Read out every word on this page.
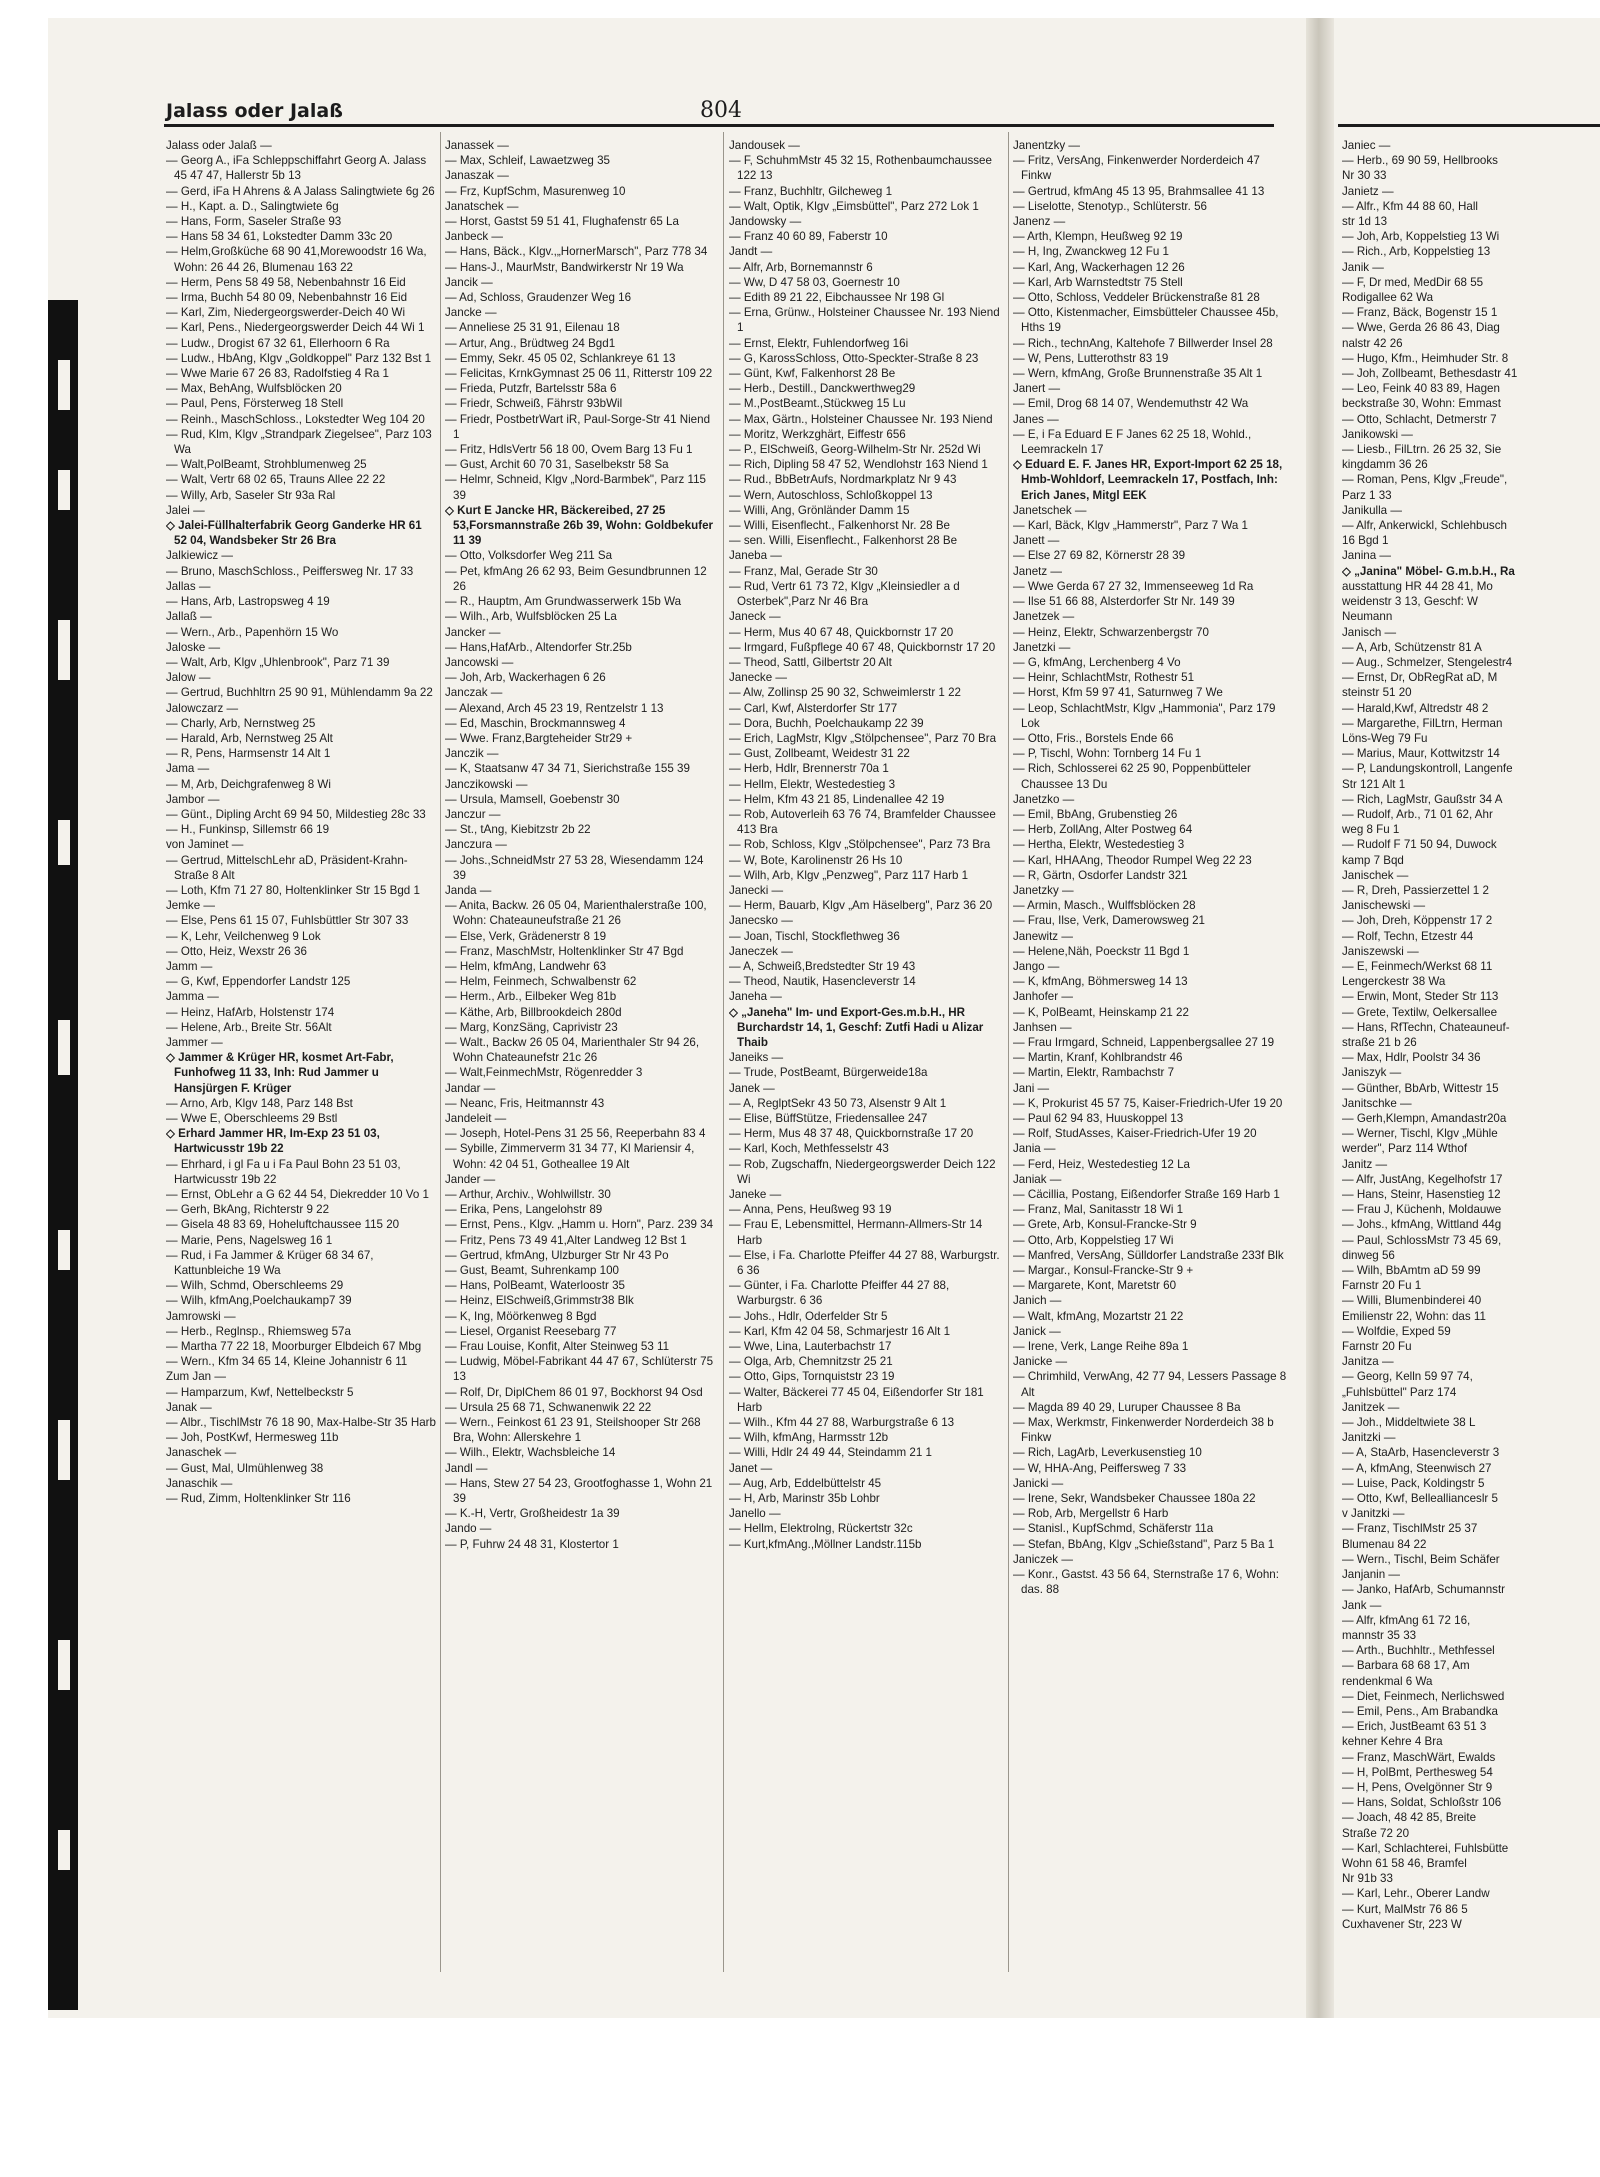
Jalass oder Jalaß	804

Jalass oder Jalaß —

— Georg A., iFa Schleppschiffahrt Georg A. Jalass 45 47 47, Hallerstr 5b 13

— Gerd, iFa H Ahrens & A Jalass Salingtwiete 6g 26

— H., Kapt. a. D., Salingtwiete 6g

— Hans, Form, Saseler Straße 93

— Hans 58 34 61, Lokstedter Damm 33c 20

— Helm,Großküche 68 90 41,Morewoodstr 16 Wa, Wohn: 26 44 26, Blumenau 163 22

— Herm, Pens 58 49 58, Nebenbahnstr 16 Eid

— Irma, Buchh 54 80 09, Nebenbahnstr 16 Eid

— Karl, Zim, Niedergeorgswerder-Deich 40 Wi

— Karl, Pens., Niedergeorgswerder Deich 44 Wi 1

— Ludw., Drogist 67 32 61, Ellerhoorn 6 Ra

— Ludw., HbAng, Klgv „Goldkoppel" Parz 132 Bst 1

— Wwe Marie 67 26 83, Radolfstieg 4 Ra 1

— Max, BehAng, Wulfsblöcken 20

— Paul, Pens, Försterweg 18 Stell

— Reinh., MaschSchloss., Lokstedter Weg 104 20

— Rud, Klm, Klgv „Strandpark Ziegelsee", Parz 103 Wa

— Walt,PolBeamt, Strohblumenweg 25

— Walt, Vertr 68 02 65, Trauns Allee 22 22

— Willy, Arb, Saseler Str 93a Ral

Jalei —

◇ Jalei-Füllhalterfabrik Georg Ganderke HR 61 52 04, Wandsbeker Str 26 Bra

Jalkiewicz —

— Bruno, MaschSchloss., Peiffersweg Nr. 17 33

Jallas —

— Hans, Arb, Lastropsweg 4 19

Jallaß —

— Wern., Arb., Papenhörn 15 Wo

Jaloske —

— Walt, Arb, Klgv „Uhlenbrook", Parz 71 39

Jalow —

— Gertrud, Buchhltrn 25 90 91, Mühlendamm 9a 22

Jalowczarz —

— Charly, Arb, Nernstweg 25

— Harald, Arb, Nernstweg 25 Alt

— R, Pens, Harmsenstr 14 Alt 1

Jama —

— M, Arb, Deichgrafenweg 8 Wi

Jambor —

— Günt., Dipling Archt 69 94 50, Mildestieg 28c 33

— H., Funkinsp, Sillemstr 66 19

von Jaminet —

— Gertrud, MittelschLehr aD, Präsident-Krahn-Straße 8 Alt

— Loth, Kfm 71 27 80, Holtenklinker Str 15 Bgd 1

Jemke —

— Else, Pens 61 15 07, Fuhlsbüttler Str 307 33

— K, Lehr, Veilchenweg 9 Lok

— Otto, Heiz, Wexstr 26 36

Jamm —

— G, Kwf, Eppendorfer Landstr 125

Jamma —

— Heinz, HafArb, Holstenstr 174

— Helene, Arb., Breite Str. 56Alt

Jammer —

◇ Jammer & Krüger HR, kosmet Art-Fabr, Funhofweg 11 33, Inh: Rud Jammer u Hansjürgen F. Krüger

— Arno, Arb, Klgv 148, Parz 148 Bst

— Wwe E, Oberschleems 29 Bstl

◇ Erhard Jammer HR, Im-Exp 23 51 03, Hartwicusstr 19b 22

— Ehrhard, i gl Fa u i Fa Paul Bohn 23 51 03, Hartwicusstr 19b 22

— Ernst, ObLehr a G 62 44 54, Diekredder 10 Vo 1

— Gerh, BkAng, Richterstr 9 22

— Gisela 48 83 69, Hoheluftchaussee 115 20

— Marie, Pens, Nagelsweg 16 1

— Rud, i Fa Jammer & Krüger 68 34 67, Kattunbleiche 19 Wa

— Wilh, Schmd, Oberschleems 29

— Wilh, kfmAng,Poelchaukamp7 39

Jamrowski —

— Herb., Reglnsp., Rhiemsweg 57a

— Martha 77 22 18, Moorburger Elbdeich 67 Mbg

— Wern., Kfm 34 65 14, Kleine Johannistr 6 11

Zum Jan —

— Hamparzum, Kwf, Nettelbeckstr 5

Janak —

— Albr., TischlMstr 76 18 90, Max-Halbe-Str 35 Harb

— Joh, PostKwf, Hermesweg 11b

Janaschek —

— Gust, Mal, Ulmühlenweg 38

Janaschik —

— Rud, Zimm, Holtenklinker Str 116

Janassek —

— Max, Schleif, Lawaetzweg 35

Janaszak —

— Frz, KupfSchm, Masurenweg 10

Janatschek —

— Horst, Gastst 59 51 41, Flughafenstr 65 La

Janbeck —

— Hans, Bäck., Klgv.,„HornerMarsch", Parz 778 34

— Hans-J., MaurMstr, Bandwirkerstr Nr 19 Wa

Jancik —

— Ad, Schloss, Graudenzer Weg 16

Jancke —

— Anneliese 25 31 91, Eilenau 18

— Artur, Ang., Brüdtweg 24 Bgd1

— Emmy, Sekr. 45 05 02, Schlankreye 61 13

— Felicitas, KrnkGymnast 25 06 11, Ritterstr 109 22

— Frieda, Putzfr, Bartelsstr 58a 6

— Friedr, Schweiß, Fährstr 93bWil

— Friedr, PostbetrWart iR, Paul-Sorge-Str 41 Niend 1

— Fritz, HdlsVertr 56 18 00, Ovem Barg 13 Fu 1

— Gust, Archit 60 70 31, Saselbekstr 58 Sa

— Helmr, Schneid, Klgv „Nord-Barmbek", Parz 115 39

◇ Kurt E Jancke HR, Bäckereibed, 27 25 53,Forsmannstraße 26b 39, Wohn: Goldbekufer 11 39

— Otto, Volksdorfer Weg 211 Sa

— Pet, kfmAng 26 62 93, Beim Gesundbrunnen 12 26

— R., Hauptm, Am Grundwasserwerk 15b Wa

— Wilh., Arb, Wulfsblöcken 25 La

Jancker —

— Hans,HafArb., Altendorfer Str.25b

Jancowski —

— Joh, Arb, Wackerhagen 6 26

Janczak —

— Alexand, Arch 45 23 19, Rentzelstr 1 13

— Ed, Maschin, Brockmannsweg 4

— Wwe. Franz,Bargteheider Str29 +

Janczik —

— K, Staatsanw 47 34 71, Sierichstraße 155 39

Janczikowski —

— Ursula, Mamsell, Goebenstr 30

Janczur —

— St., tAng, Kiebitzstr 2b 22

Janczura —

— Johs.,SchneidMstr 27 53 28, Wiesendamm 124 39

Janda —

— Anita, Backw. 26 05 04, Marienthalerstraße 100, Wohn: Chateauneufstraße 21 26

— Else, Verk, Grädenerstr 8 19

— Franz, MaschMstr, Holtenklinker Str 47 Bgd

— Helm, kfmAng, Landwehr 63

— Helm, Feinmech, Schwalbenstr 62

— Herm., Arb., Eilbeker Weg 81b

— Käthe, Arb, Billbrookdeich 280d

— Marg, KonzSäng, Caprivistr 23

— Walt., Backw 26 05 04, Marienthaler Str 94 26, Wohn Chateaunefstr 21c 26

— Walt,FeinmechMstr, Rögenredder 3

Jandar —

— Neanc, Fris, Heitmannstr 43

Jandeleit —

— Joseph, Hotel-Pens 31 25 56, Reeperbahn 83 4

— Sybille, Zimmerverm 31 34 77, Kl Mariensir 4, Wohn: 42 04 51, Gotheallee 19 Alt

Jander —

— Arthur, Archiv., Wohlwillstr. 30

— Erika, Pens, Langelohstr 89

— Ernst, Pens., Klgv. „Hamm u. Horn", Parz. 239 34

— Fritz, Pens 73 49 41,Alter Landweg 12 Bst 1

— Gertrud, kfmAng, Ulzburger Str Nr 43 Po

— Gust, Beamt, Suhrenkamp 100

— Hans, PolBeamt, Waterloostr 35

— Heinz, ElSchweiß,Grimmstr38 Blk

— K, Ing, Möörkenweg 8 Bgd

— Liesel, Organist Reesebarg 77

— Frau Louise, Konfit, Alter Steinweg 53 11

— Ludwig, Möbel-Fabrikant 44 47 67, Schlüterstr 75 13

— Rolf, Dr, DiplChem 86 01 97, Bockhorst 94 Osd

— Ursula 25 68 71, Schwanenwik 22 22

— Wern., Feinkost 61 23 91, Steilshooper Str 268 Bra, Wohn: Allerskehre 1

— Wilh., Elektr, Wachsbleiche 14

Jandl —

— Hans, Stew 27 54 23, Grootfoghasse 1, Wohn 21 39

— K.-H, Vertr, Großheidestr 1a 39

Jando —

— P, Fuhrw 24 48 31, Klostertor 1

Jandousek —

— F, SchuhmMstr 45 32 15, Rothenbaumchaussee 122 13

— Franz, Buchhltr, Gilcheweg 1

— Walt, Optik, Klgv „Eimsbüttel", Parz 272 Lok 1

Jandowsky —

— Franz 40 60 89, Faberstr 10

Jandt —

— Alfr, Arb, Bornemannstr 6

— Ww, D 47 58 03, Goernestr 10

— Edith 89 21 22, Eibchaussee Nr 198 Gl

— Erna, Grünw., Holsteiner Chaussee Nr. 193 Niend 1

— Ernst, Elektr, Fuhlendorfweg 16i

— G, KarossSchloss, Otto-Speckter-Straße 8 23

— Günt, Kwf, Falkenhorst 28 Be

— Herb., Destill., Danckwerthweg29

— M.,PostBeamt.,Stückweg 15 Lu

— Max, Gärtn., Holsteiner Chaussee Nr. 193 Niend

— Moritz, Werkzghärt, Eiffestr 656

— P., ElSchweiß, Georg-Wilhelm-Str Nr. 252d Wi

— Rich, Dipling 58 47 52, Wendlohstr 163 Niend 1

— Rud., BbBetrAufs, Nordmarkplatz Nr 9 43

— Wern, Autoschloss, Schloßkoppel 13

— Willi, Ang, Grönländer Damm 15

— Willi, Eisenflecht., Falkenhorst Nr. 28 Be

— sen. Willi, Eisenflecht., Falkenhorst 28 Be

Janeba —

— Franz, Mal, Gerade Str 30

— Rud, Vertr 61 73 72, Klgv „Kleinsiedler a d Osterbek",Parz Nr 46 Bra

Janeck —

— Herm, Mus 40 67 48, Quickbornstr 17 20

— Irmgard, Fußpflege 40 67 48, Quickbornstr 17 20

— Theod, Sattl, Gilbertstr 20 Alt

Janecke —

— Alw, Zollinsp 25 90 32, Schweimlerstr 1 22

— Carl, Kwf, Alsterdorfer Str 177

— Dora, Buchh, Poelchaukamp 22 39

— Erich, LagMstr, Klgv „Stölpchensee", Parz 70 Bra

— Gust, Zollbeamt, Weidestr 31 22

— Herb, Hdlr, Brennerstr 70a 1

— Hellm, Elektr, Westedestieg 3

— Helm, Kfm 43 21 85, Lindenallee 42 19

— Rob, Autoverleih 63 76 74, Bramfelder Chaussee 413 Bra

— Rob, Schloss, Klgv „Stölpchensee", Parz 73 Bra

— W, Bote, Karolinenstr 26 Hs 10

— Wilh, Arb, Klgv „Penzweg", Parz 117 Harb 1

Janecki —

— Herm, Bauarb, Klgv „Am Häselberg", Parz 36 20

Janecsko —

— Joan, Tischl, Stockflethweg 36

Janeczek —

— A, Schweiß,Bredstedter Str 19 43

— Theod, Nautik, Hasencleverstr 14

Janeha —

◇ „Janeha" Im- und Export-Ges.m.b.H., HR Burchardstr 14, 1, Geschf: Zutfi Hadi u Alizar Thaib

Janeiks —

— Trude, PostBeamt, Bürgerweide18a

Janek —

— A, ReglptSekr 43 50 73, Alsenstr 9 Alt 1

— Elise, BüffStütze, Friedensallee 247

— Herm, Mus 48 37 48, Quickbornstraße 17 20

— Karl, Koch, Methfesselstr 43

— Rob, Zugschaffn, Niedergeorgswerder Deich 122 Wi

Janeke —

— Anna, Pens, Heußweg 93 19

— Frau E, Lebensmittel, Hermann-Allmers-Str 14 Harb

— Else, i Fa. Charlotte Pfeiffer 44 27 88, Warburgstr. 6 36

— Günter, i Fa. Charlotte Pfeiffer 44 27 88, Warburgstr. 6 36

— Johs., Hdlr, Oderfelder Str 5

— Karl, Kfm 42 04 58, Schmarjestr 16 Alt 1

— Wwe, Lina, Lauterbachstr 17

— Olga, Arb, Chemnitzstr 25 21

— Otto, Gips, Tornquiststr 23 19

— Walter, Bäckerei 77 45 04, Eißendorfer Str 181 Harb

— Wilh., Kfm 44 27 88, Warburgstraße 6 13

— Wilh, kfmAng, Harmsstr 12b

— Willi, Hdlr 24 49 44, Steindamm 21 1

Janet —

— Aug, Arb, Eddelbüttelstr 45

— H, Arb, Marinstr 35b Lohbr

Janello —

— Hellm, Elektrolng, Rückertstr 32c

— Kurt,kfmAng.,Möllner Landstr.115b

Janentzky —

— Fritz, VersAng, Finkenwerder Norderdeich 47 Finkw

— Gertrud, kfmAng 45 13 95, Brahmsallee 41 13

— Liselotte, Stenotyp., Schlüterstr. 56

Janenz —

— Arth, Klempn, Heußweg 92 19

— H, Ing, Zwanckweg 12 Fu 1

— Karl, Ang, Wackerhagen 12 26

— Karl, Arb Warnstedtstr 75 Stell

— Otto, Schloss, Veddeler Brückenstraße 81 28

— Otto, Kistenmacher, Eimsbütteler Chaussee 45b, Hths 19

— Rich., technAng, Kaltehofe 7 Billwerder Insel 28

— W, Pens, Lutterothstr 83 19

— Wern, kfmAng, Große Brunnenstraße 35 Alt 1

Janert —

— Emil, Drog 68 14 07, Wendemuthstr 42 Wa

Janes —

— E, i Fa Eduard E F Janes 62 25 18, Wohld., Leemrackeln 17

◇ Eduard E. F. Janes HR, Export-Import 62 25 18, Hmb-Wohldorf, Leemrackeln 17, Postfach, Inh: Erich Janes, Mitgl EEK

Janetschek —

— Karl, Bäck, Klgv „Hammerstr", Parz 7 Wa 1

Janett —

— Else 27 69 82, Körnerstr 28 39

Janetz —

— Wwe Gerda 67 27 32, Immenseeweg 1d Ra

— Ilse 51 66 88, Alsterdorfer Str Nr. 149 39

Janetzek —

— Heinz, Elektr, Schwarzenbergstr 70

Janetzki —

— G, kfmAng, Lerchenberg 4 Vo

— Heinr, SchlachtMstr, Rothestr 51

— Horst, Kfm 59 97 41, Saturnweg 7 We

— Leop, SchlachtMstr, Klgv „Hammonia", Parz 179 Lok

— Otto, Fris., Borstels Ende 66

— P, Tischl, Wohn: Tornberg 14 Fu 1

— Rich, Schlosserei 62 25 90, Poppenbütteler Chaussee 13 Du

Janetzko —

— Emil, BbAng, Grubenstieg 26

— Herb, ZollAng, Alter Postweg 64

— Hertha, Elektr, Westedestieg 3

— Karl, HHAAng, Theodor Rumpel Weg 22 23

— R, Gärtn, Osdorfer Landstr 321

Janetzky —

— Armin, Masch., Wulffsblöcken 28

— Frau, Ilse, Verk, Damerowsweg 21

Janewitz —

— Helene,Näh, Poeckstr 11 Bgd 1

Jango —

— K, kfmAng, Böhmersweg 14 13

Janhofer —

— K, PolBeamt, Heinskamp 21 22

Janhsen —

— Frau Irmgard, Schneid, Lappenbergsallee 27 19

— Martin, Kranf, Kohlbrandstr 46

— Martin, Elektr, Rambachstr 7

Jani —

— K, Prokurist 45 57 75, Kaiser-Friedrich-Ufer 19 20

— Paul 62 94 83, Huuskoppel 13

— Rolf, StudAsses, Kaiser-Friedrich-Ufer 19 20

Jania —

— Ferd, Heiz, Westedestieg 12 La

Janiak —

— Cäcillia, Postang, Eißendorfer Straße 169 Harb 1

— Franz, Mal, Sanitasstr 18 Wi 1

— Grete, Arb, Konsul-Francke-Str 9

— Otto, Arb, Koppelstieg 17 Wi

— Manfred, VersAng, Sülldorfer Landstraße 233f Blk

— Margar., Konsul-Francke-Str 9 +

— Margarete, Kont, Maretstr 60

Janich —

— Walt, kfmAng, Mozartstr 21 22

Janick —

— Irene, Verk, Lange Reihe 89a 1

Janicke —

— Chrimhild, VerwAng, 42 77 94, Lessers Passage 8 Alt

— Magda 89 40 29, Luruper Chaussee 8 Ba

— Max, Werkmstr, Finkenwerder Norderdeich 38 b Finkw

— Rich, LagArb, Leverkusenstieg 10

— W, HHA-Ang, Peiffersweg 7 33

Janicki —

— Irene, Sekr, Wandsbeker Chaussee 180a 22

— Rob, Arb, Mergellstr 6 Harb

— Stanisl., KupfSchmd, Schäferstr 11a

— Stefan, BbAng, Klgv „Schießstand", Parz 5 Ba 1

Janiczek —

— Konr., Gastst. 43 56 64, Sternstraße 17 6, Wohn: das. 88

Janiec —

— Herb., 69 90 59, Hellbrooks

Nr 30 33

Janietz —

— Alfr., Kfm 44 88 60, Hall

str 1d 13

— Joh, Arb, Koppelstieg 13 Wi

— Rich., Arb, Koppelstieg 13

Janik —

— F, Dr med, MedDir 68 55

Rodigallee 62 Wa

— Franz, Bäck, Bogenstr 15 1

— Wwe, Gerda 26 86 43, Diag

nalstr 42 26

— Hugo, Kfm., Heimhuder Str. 8

— Joh, Zollbeamt, Bethesdastr 41

— Leo, Feink 40 83 89, Hagen

beckstraße 30, Wohn: Emmast

— Otto, Schlacht, Detmerstr 7

Janikowski —

— Liesb., FilLtrn. 26 25 32, Sie

kingdamm 36 26

— Roman, Pens, Klgv „Freude",

Parz 1 33

Janikulla —

— Alfr, Ankerwickl, Schlehbusch

16 Bgd 1

Janina —

◇ „Janina" Möbel- G.m.b.H., Ra

ausstattung HR 44 28 41, Mo

weidenstr 3 13, Geschf: W

Neumann

Janisch —

— A, Arb, Schützenstr 81 A

— Aug., Schmelzer, Stengelestr4

— Ernst, Dr, ObRegRat aD, M

steinstr 51 20

— Harald,Kwf, Altredstr 48 2

— Margarethe, FilLtrn, Herman

Löns-Weg 79 Fu

— Marius, Maur, Kottwitzstr 14

— P, Landungskontroll, Langenfe

Str 121 Alt 1

— Rich, LagMstr, Gaußstr 34 A

— Rudolf, Arb., 71 01 62, Ahr

weg 8 Fu 1

— Rudolf F 71 50 94, Duwock

kamp 7 Bqd

Janischek —

— R, Dreh, Passierzettel 1 2

Janischewski —

— Joh, Dreh, Köppenstr 17 2

— Rolf, Techn, Etzestr 44

Janiszewski —

— E, Feinmech/Werkst 68 11

Lengerckestr 38 Wa

— Erwin, Mont, Steder Str 113

— Grete, Textilw, Oelkersallee

— Hans, RfTechn, Chateauneuf-

straße 21 b 26

— Max, Hdlr, Poolstr 34 36

Janiszyk —

— Günther, BbArb, Wittestr 15

Janitschke —

— Gerh,Klempn, Amandastr20a

— Werner, Tischl, Klgv „Mühle

werder", Parz 114 Wthof

Janitz —

— Alfr, JustAng, Kegelhofstr 17

— Hans, Steinr, Hasenstieg 12

— Frau J, Küchenh, Moldauwe

— Johs., kfmAng, Wittland 44g

— Paul, SchlossMstr 73 45 69,

dinweg 56

— Wilh, BbAmtm aD 59 99

Farnstr 20 Fu 1

— Willi, Blumenbinderei 40

Emilienstr 22, Wohn: das 11

— Wolfdie, Exped 59

Farnstr 20 Fu

Janitza —

— Georg, Kelln 59 97 74,

„Fuhlsbüttel" Parz 174

Janitzek —

— Joh., Middeltwiete 38 L

Janitzki —

— A, StaArb, Hasencleverstr 3

— A, kfmAng, Steenwisch 27

— Luise, Pack, Koldingstr 5

— Otto, Kwf, Belleallianceslr 5

v Janitzki —

— Franz, TischlMstr 25 37

Blumenau 84 22

— Wern., Tischl, Beim Schäfer

Janjanin —

— Janko, HafArb, Schumannstr

Jank —

— Alfr, kfmAng 61 72 16,

mannstr 35 33

— Arth., Buchhltr., Methfessel

— Barbara 68 68 17, Am

rendenkmal 6 Wa

— Diet, Feinmech, Nerlichswed

— Emil, Pens., Am Brabandka

— Erich, JustBeamt 63 51 3

kehner Kehre 4 Bra

— Franz, MaschWärt, Ewalds

— H, PolBmt, Perthesweg 54

— H, Pens, Ovelgönner Str 9

— Hans, Soldat, Schloßstr 106

— Joach, 48 42 85, Breite

Straße 72 20

— Karl, Schlachterei, Fuhlsbütte

Wohn 61 58 46, Bramfel

Nr 91b 33

— Karl, Lehr., Oberer Landw

— Kurt, MalMstr 76 86 5

Cuxhavener Str, 223 W
